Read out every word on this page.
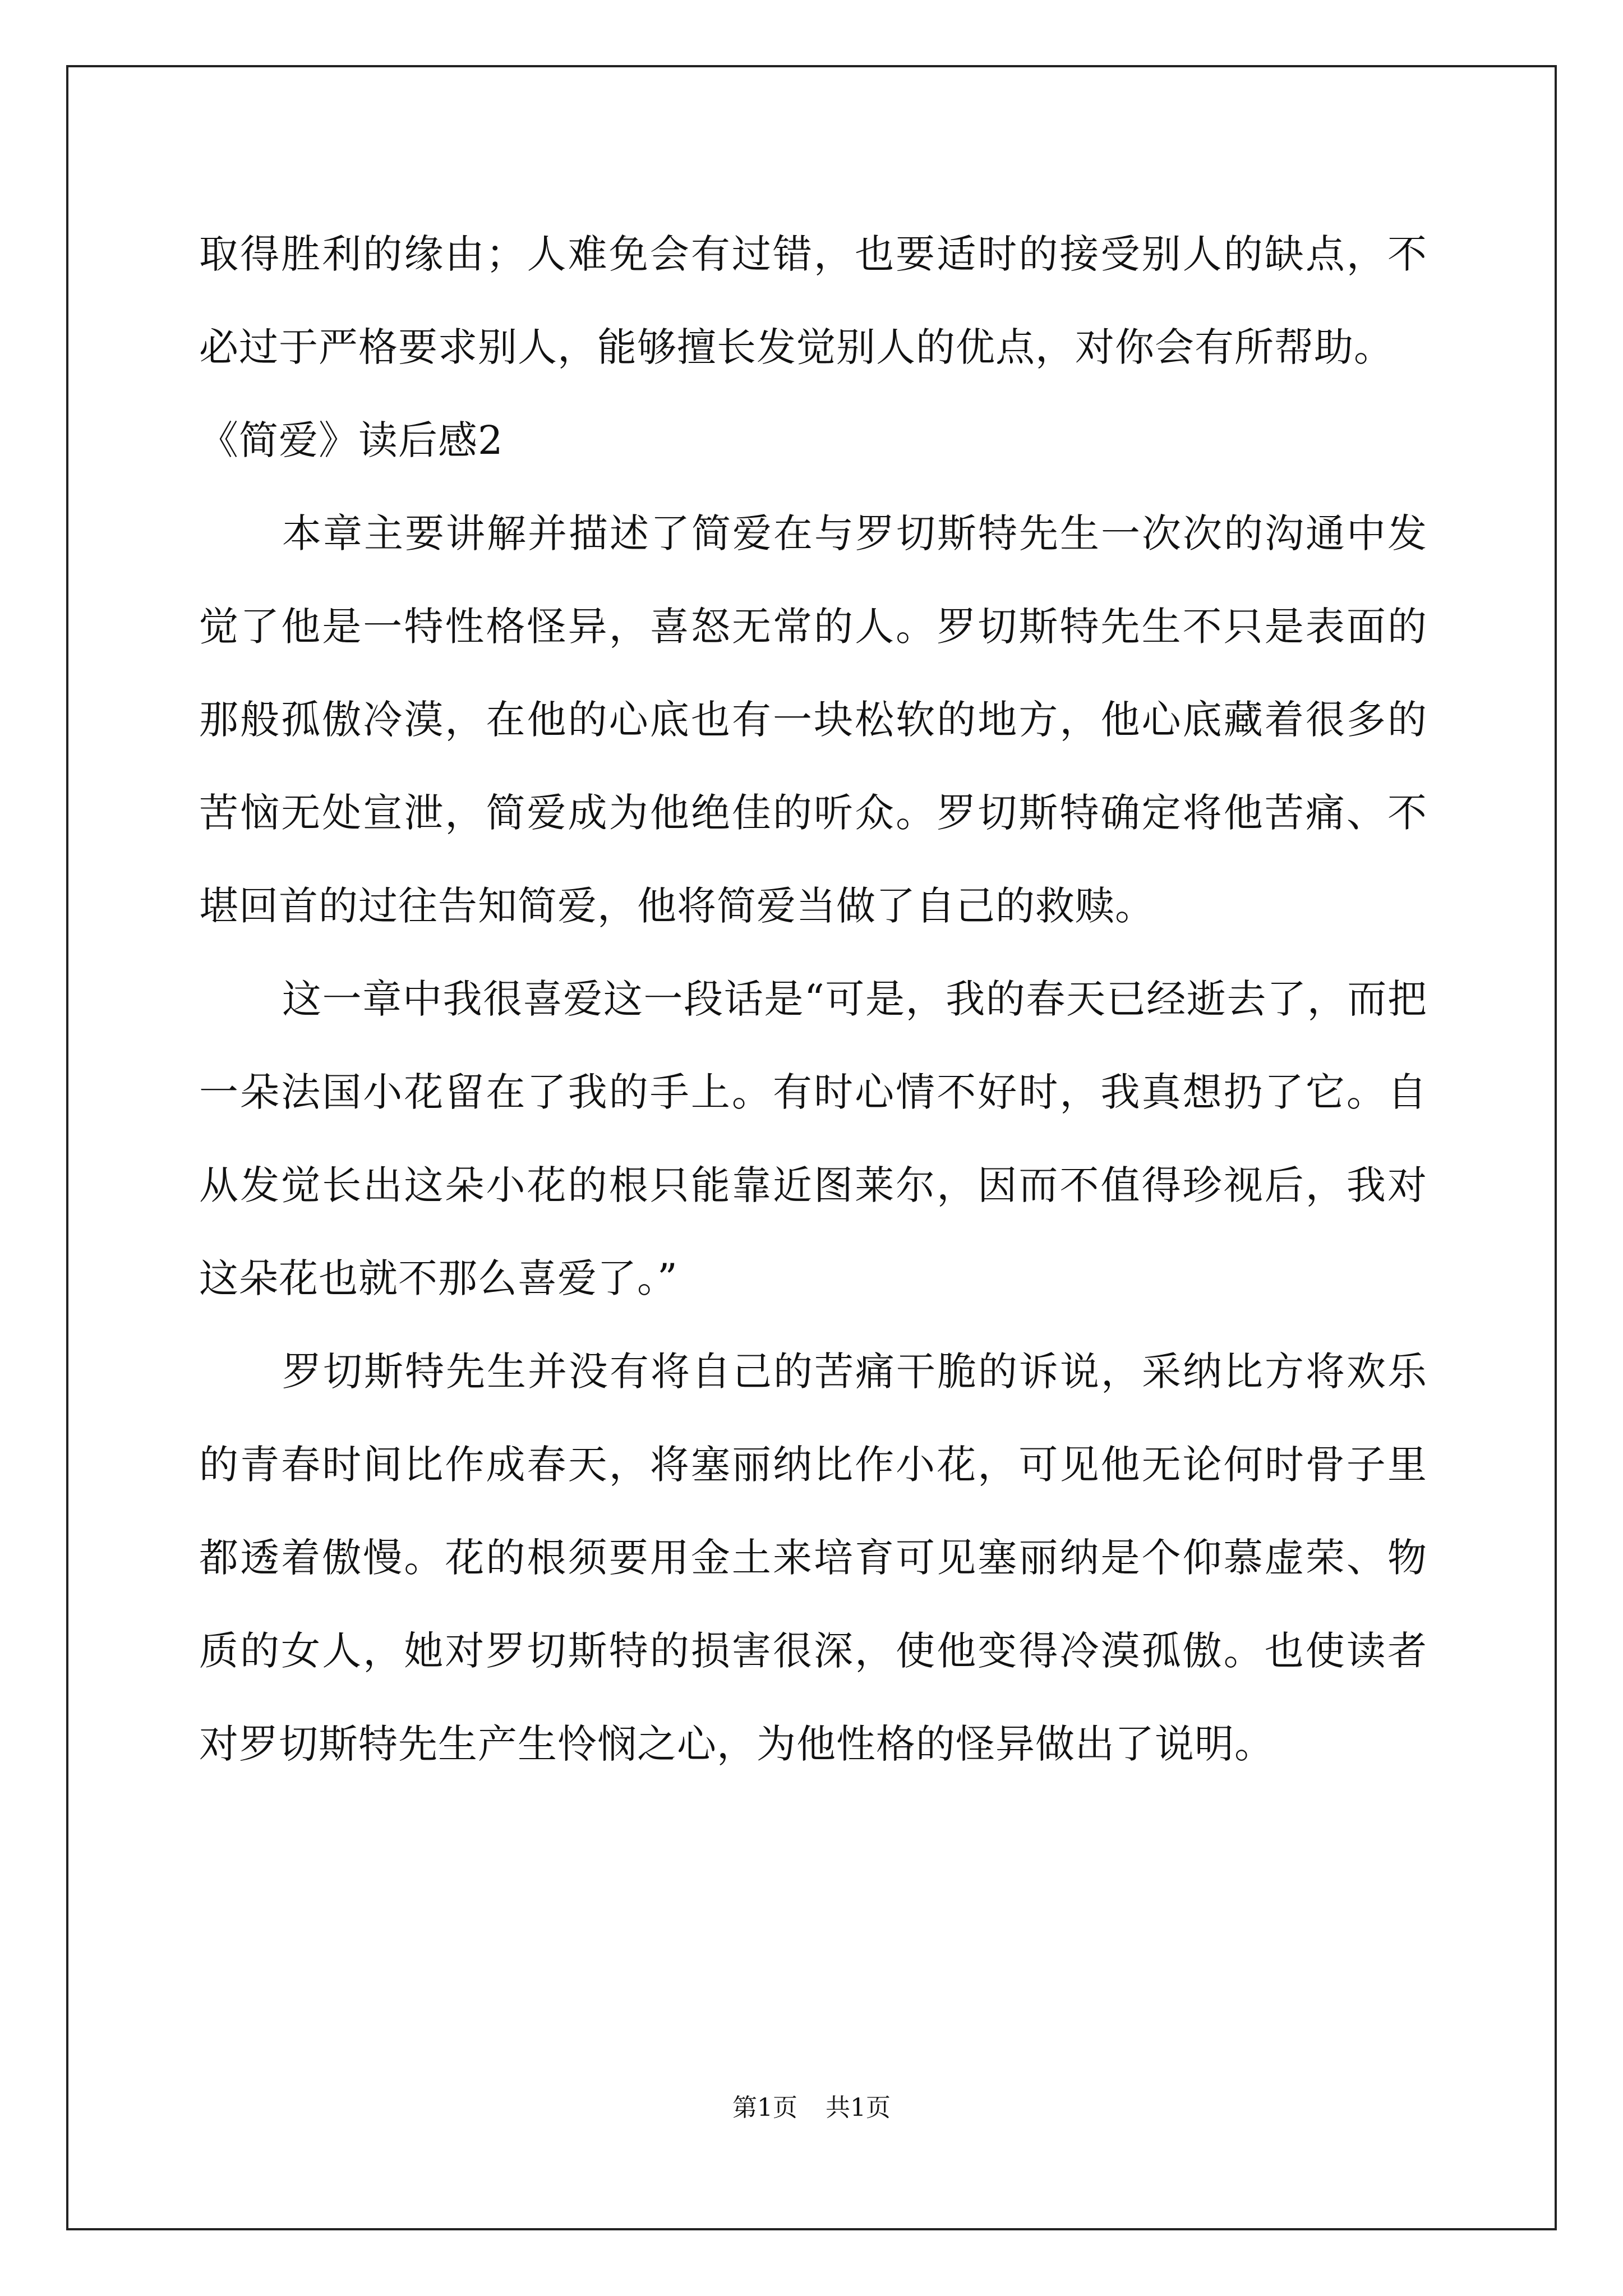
取得胜利的缘由；人难免会有过错，也要适时的接受别人的缺点，不必过于严格要求别人，能够擅长发觉别人的优点，对你会有所帮助。

《简爱》读后感2

本章主要讲解并描述了简爱在与罗切斯特先生一次次的沟通中发觉了他是一特性格怪异，喜怒无常的人。罗切斯特先生不只是表面的那般孤傲冷漠，在他的心底也有一块松软的地方，他心底藏着很多的苦恼无处宣泄，简爱成为他绝佳的听众。罗切斯特确定将他苦痛、不堪回首的过往告知简爱，他将简爱当做了自己的救赎。

这一章中我很喜爱这一段话是“可是，我的春天已经逝去了，而把一朵法国小花留在了我的手上。有时心情不好时，我真想扔了它。自从发觉长出这朵小花的根只能靠近图莱尔，因而不值得珍视后，我对这朵花也就不那么喜爱了。”

罗切斯特先生并没有将自己的苦痛干脆的诉说，采纳比方将欢乐的青春时间比作成春天，将塞丽纳比作小花，可见他无论何时骨子里都透着傲慢。花的根须要用金土来培育可见塞丽纳是个仰慕虚荣、物质的女人，她对罗切斯特的损害很深，使他变得冷漠孤傲。也使读者对罗切斯特先生产生怜悯之心，为他性格的怪异做出了说明。

第1页 共1页
